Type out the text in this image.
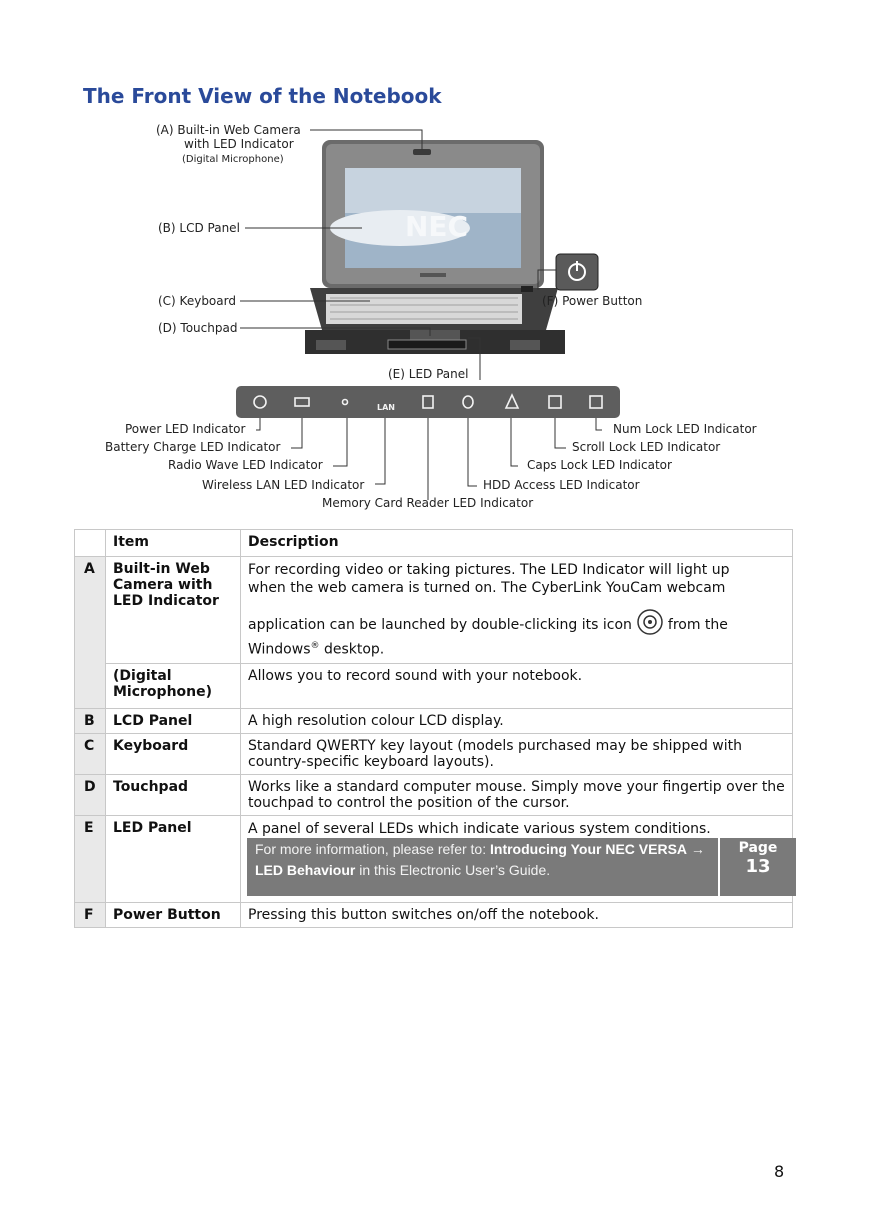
The Front View of the Notebook
NEC
(A) Built-in Web Camera
with LED Indicator
(Digital Microphone)
(B) LCD Panel
(C) Keyboard
(D) Touchpad
(E) LED Panel
(F) Power Button
LAN
Power LED Indicator
Battery Charge LED Indicator
Radio Wave LED Indicator
Wireless LAN LED Indicator
Memory Card Reader LED Indicator
HDD Access LED Indicator
Caps Lock LED Indicator
Scroll Lock LED Indicator
Num Lock LED Indicator
	Item	Description
A	Built-in Web Camera with LED Indicator	For recording video or taking pictures. The LED Indicator will light up
when the web camera is turned on. The CyberLink YouCam webcam
application can be launched by double-clicking its icon from the
Windows® desktop.

	(Digital Microphone)	Allows you to record sound with your notebook.
B	LCD Panel	A high resolution colour LCD display.
C	Keyboard	Standard QWERTY key layout (models purchased may be shipped with country-specific keyboard layouts).
D	Touchpad	Works like a standard computer mouse. Simply move your fingertip over the touchpad to control the position of the cursor.
E	LED Panel	A panel of several LEDs which indicate various system conditions.
For more information, please refer to: Introducing Your NEC VERSA → LED Behaviour in this Electronic User’s Guide.
Page
13

F	Power Button	Pressing this button switches on/off the notebook.
8
